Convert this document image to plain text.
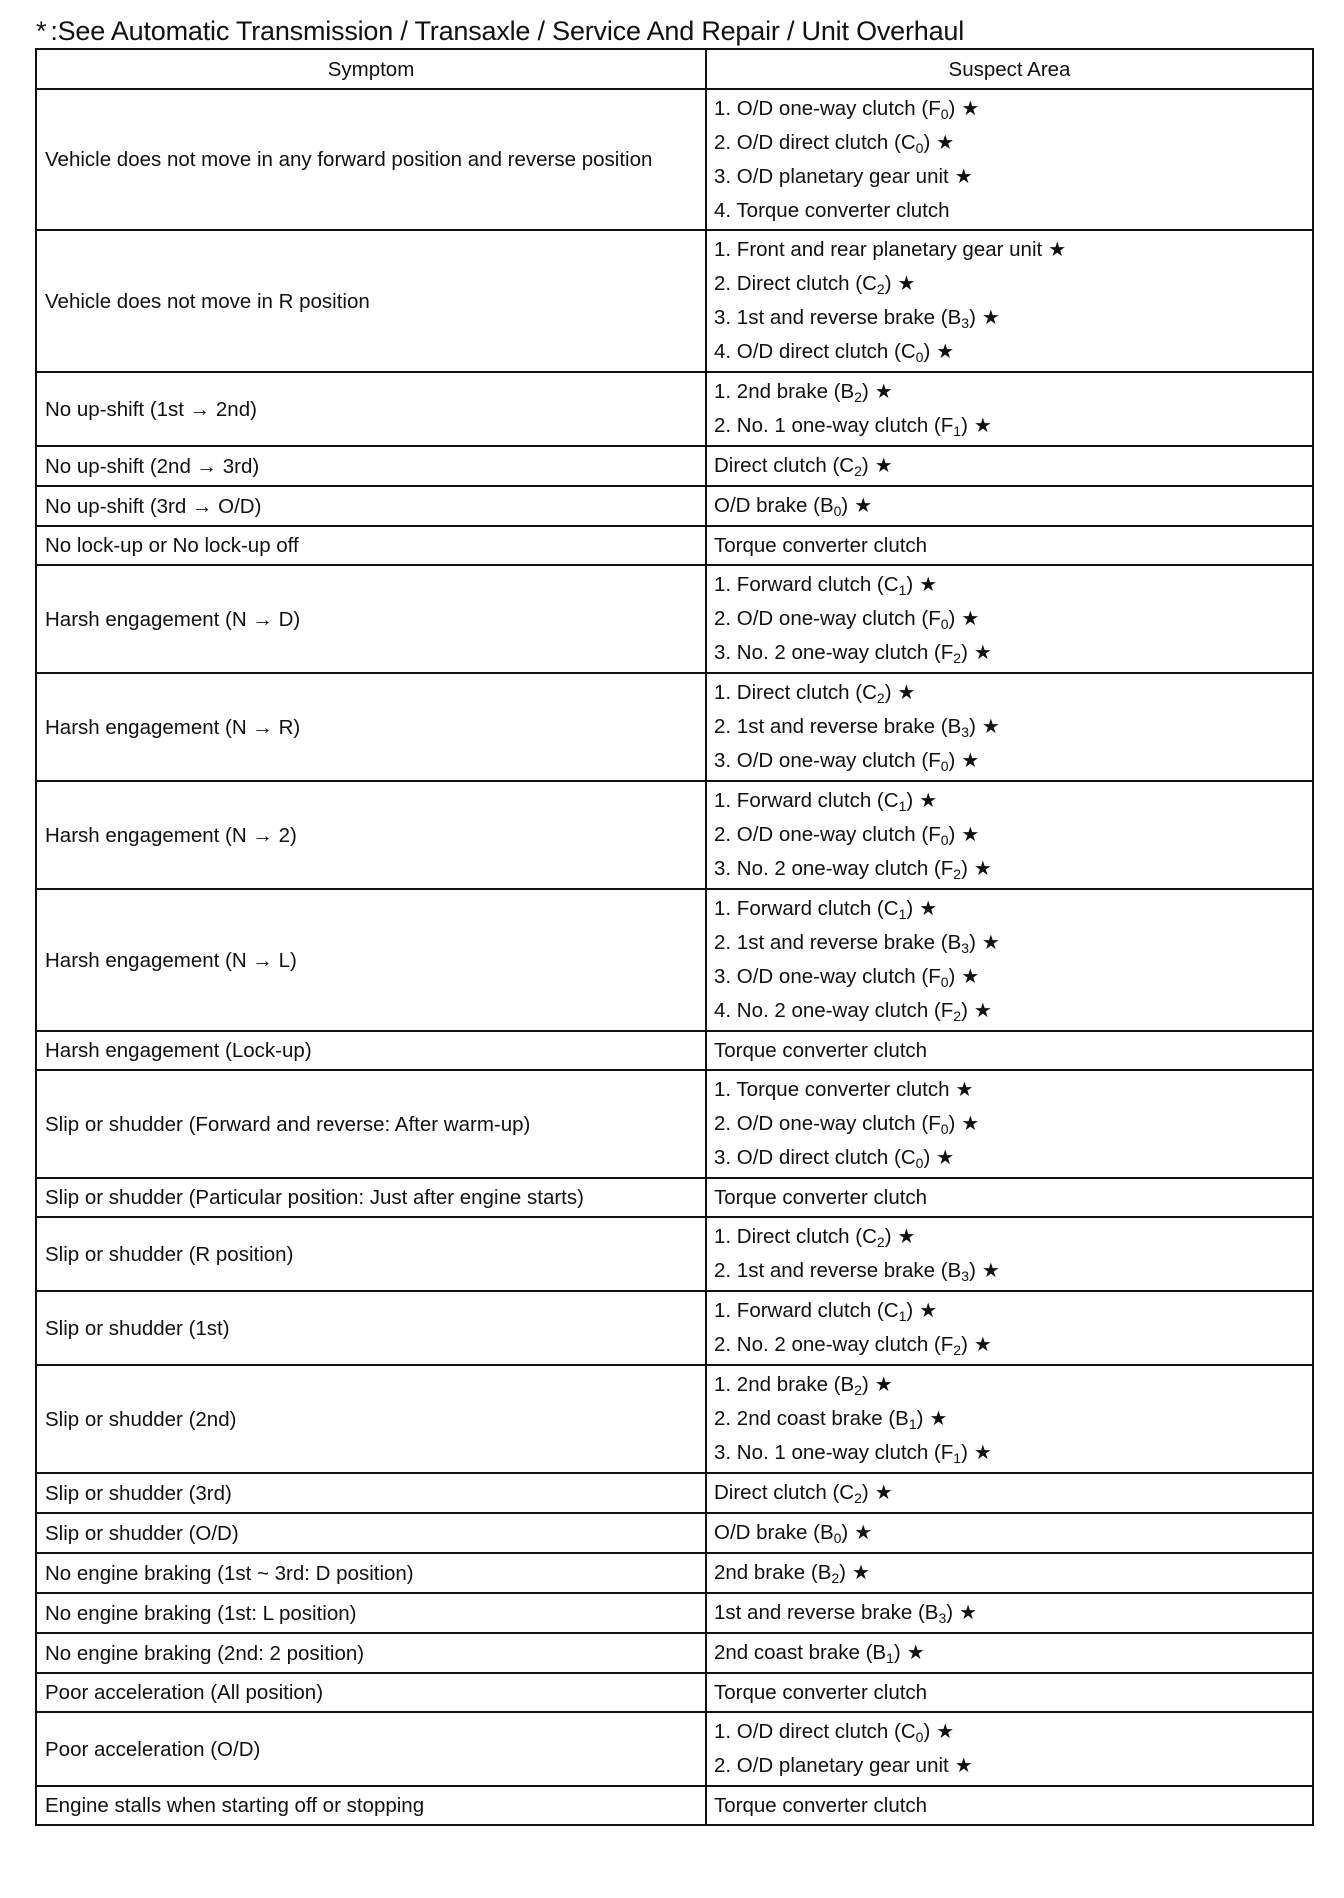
* :See Automatic Transmission / Transaxle / Service And Repair / Unit Overhaul
Symptom	Suspect Area
Vehicle does not move in any forward position and reverse position	1. O/D one-way clutch $(F_0)$ ★
2. O/D direct clutch $(C_0)$ ★
3. O/D planetary gear unit ★
4. Torque converter clutch

Vehicle does not move in R position	1. Front and rear planetary gear unit ★
2. Direct clutch $(C_2)$ ★
3. 1st and reverse brake $(B_3)$ ★
4. O/D direct clutch $(C_0)$ ★

No up-shift (1st → 2nd)	1. 2nd brake $(B_2)$ ★
2. No. 1 one-way clutch $(F_1)$ ★

No up-shift (2nd → 3rd)	Direct clutch $(C_2)$ ★

No up-shift (3rd → O/D)	O/D brake $(B_0)$ ★

No lock-up or No lock-up off	Torque converter clutch

Harsh engagement (N → D)	1. Forward clutch $(C_1)$ ★
2. O/D one-way clutch $(F_0)$ ★
3. No. 2 one-way clutch $(F_2)$ ★

Harsh engagement (N → R)	1. Direct clutch $(C_2)$ ★
2. 1st and reverse brake $(B_3)$ ★
3. O/D one-way clutch $(F_0)$ ★

Harsh engagement (N → 2)	1. Forward clutch $(C_1)$ ★
2. O/D one-way clutch $(F_0)$ ★
3. No. 2 one-way clutch $(F_2)$ ★

Harsh engagement (N → L)	1. Forward clutch $(C_1)$ ★
2. 1st and reverse brake $(B_3)$ ★
3. O/D one-way clutch $(F_0)$ ★
4. No. 2 one-way clutch $(F_2)$ ★

Harsh engagement (Lock-up)	Torque converter clutch

Slip or shudder (Forward and reverse: After warm-up)	1. Torque converter clutch ★
2. O/D one-way clutch $(F_0)$ ★
3. O/D direct clutch $(C_0)$ ★

Slip or shudder (Particular position: Just after engine starts)	Torque converter clutch

Slip or shudder (R position)	1. Direct clutch $(C_2)$ ★
2. 1st and reverse brake $(B_3)$ ★

Slip or shudder (1st)	1. Forward clutch $(C_1)$ ★
2. No. 2 one-way clutch $(F_2)$ ★

Slip or shudder (2nd)	1. 2nd brake $(B_2)$ ★
2. 2nd coast brake $(B_1)$ ★
3. No. 1 one-way clutch $(F_1)$ ★

Slip or shudder (3rd)	Direct clutch $(C_2)$ ★

Slip or shudder (O/D)	O/D brake $(B_0)$ ★

No engine braking (1st ~ 3rd: D position)	2nd brake $(B_2)$ ★

No engine braking (1st: L position)	1st and reverse brake $(B_3)$ ★

No engine braking (2nd: 2 position)	2nd coast brake $(B_1)$ ★

Poor acceleration (All position)	Torque converter clutch

Poor acceleration (O/D)	1. O/D direct clutch $(C_0)$ ★
2. O/D planetary gear unit ★

Engine stalls when starting off or stopping	Torque converter clutch
